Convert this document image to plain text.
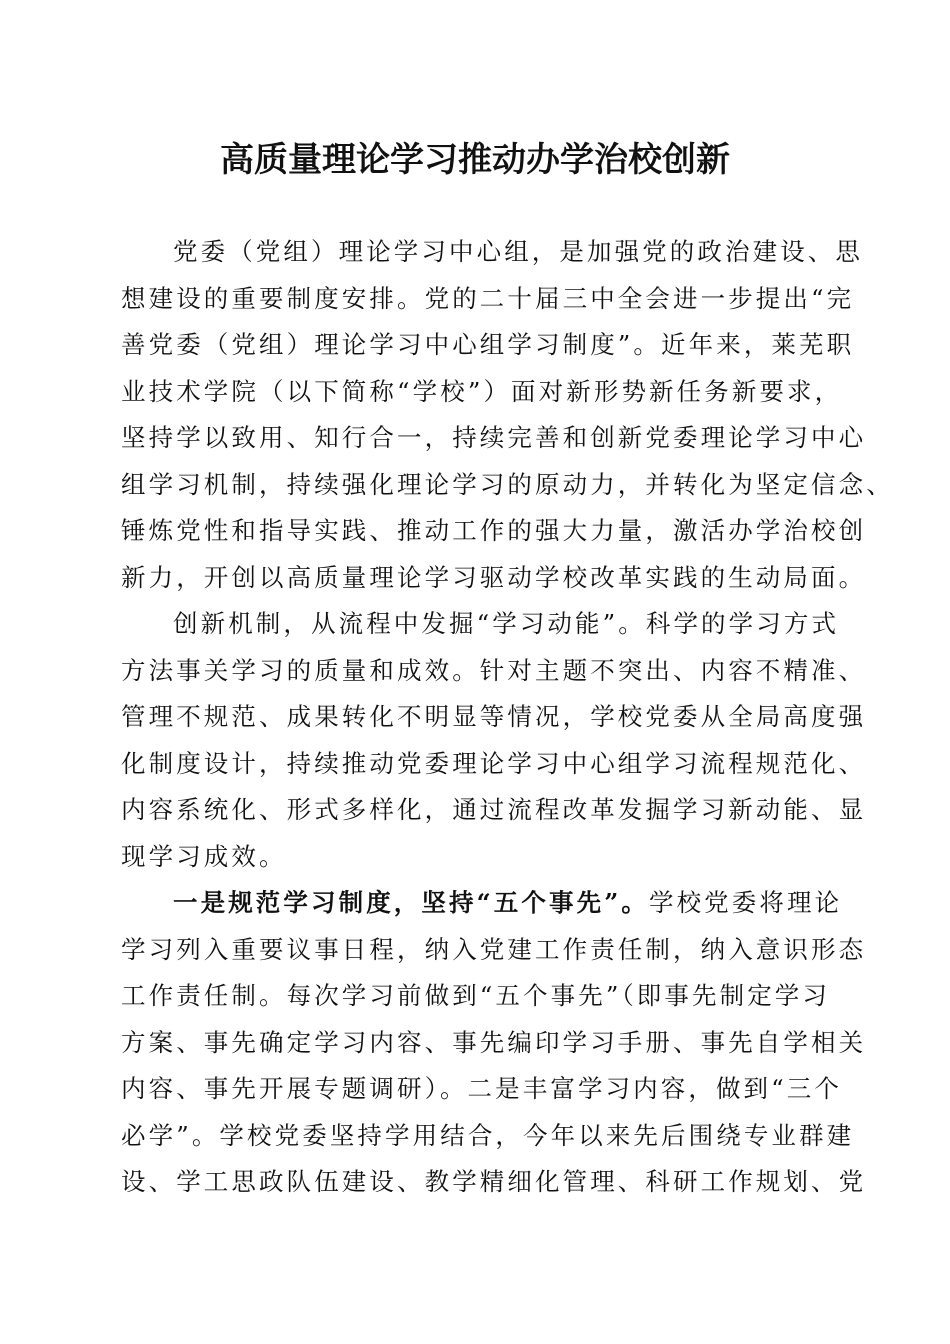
高质量理论学习推动办学治校创新
党委（党组）理论学习中心组，是加强党的政治建设、思
想建设的重要制度安排。党的二十届三中全会进一步提出“完
善党委（党组）理论学习中心组学习制度”。近年来，莱芜职
业技术学院（以下简称“学校”）面对新形势新任务新要求，
坚持学以致用、知行合一，持续完善和创新党委理论学习中心
组学习机制，持续强化理论学习的原动力，并转化为坚定信念、
锤炼党性和指导实践、推动工作的强大力量，激活办学治校创
新力，开创以高质量理论学习驱动学校改革实践的生动局面。
创新机制，从流程中发掘“学习动能”。科学的学习方式
方法事关学习的质量和成效。针对主题不突出、内容不精准、
管理不规范、成果转化不明显等情况，学校党委从全局高度强
化制度设计，持续推动党委理论学习中心组学习流程规范化、
内容系统化、形式多样化，通过流程改革发掘学习新动能、显
现学习成效。
一是规范学习制度，坚持“五个事先”。学校党委将理论
学习列入重要议事日程，纳入党建工作责任制，纳入意识形态
工作责任制。每次学习前做到“五个事先”（即事先制定学习
方案、事先确定学习内容、事先编印学习手册、事先自学相关
内容、事先开展专题调研）。二是丰富学习内容，做到“三个
必学”。学校党委坚持学用结合，今年以来先后围绕专业群建
设、学工思政队伍建设、教学精细化管理、科研工作规划、党
